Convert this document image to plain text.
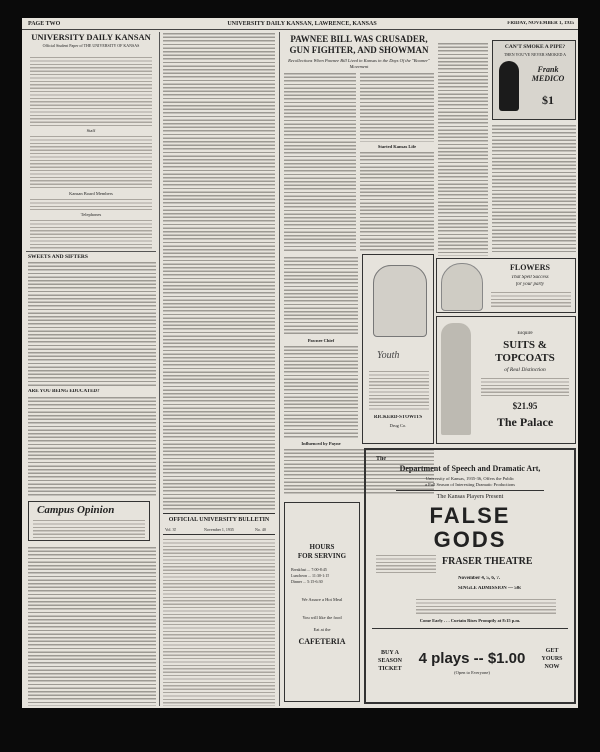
PAGE TWO	UNIVERSITY DAILY KANSAN, LAWRENCE, KANSAS	FRIDAY, NOVEMBER 1, 1935
UNIVERSITY DAILY KANSAN
Official Student Paper of THE UNIVERSITY OF KANSAS
Staff
Kansan Board Members
Telephones
SWEETS AND SIFTERS
ARE YOU BEING EDUCATED?
Campus Opinion
OFFICIAL UNIVERSITY BULLETIN
Vol. 35	November 1, 1935	No. 40
PAWNEE BILL WAS CRUSADER,
GUN FIGHTER, AND SHOWMAN
Recollections When Pawnee Bill Lived in Kansas in the Days Of the "Boomer" Movement
Started Kansas Life
Pawnee Chief
Youth
RICKERD-STOWITS
Drug Co.
Influenced by Payne
CAN'T SMOKE A PIPE?
THEN YOU'VE NEVER SMOKED A
Frank MEDICO
$1
FLOWERS
That Spell Success
for your party
Esquire
SUITS &
TOPCOATS
of Real Distinction
$21.95
The Palace
HOURS
FOR SERVING
Breakfast ... 7:00-8:45
Luncheon ... 11:30-1:15
Dinner ... 5:15-6:30
We Assure a Hot Meal
You will like the food
Eat at the
CAFETERIA
The
Department of Speech and Dramatic Art,
University of Kansas, 1935-36, Offers the Public
a Full Season of Interesting Dramatic Productions
The Kansas Players Present
FALSE
GODS
FRASER THEATRE
November 4, 5, 6, 7.
SINGLE ADMISSION — 50c
Come Early . . . Curtain Rises Promptly at 8:15 p.m.
BUY A
SEASON
TICKET
4 plays -- $1.00
(Open to Everyone)
GET
YOURS
NOW
